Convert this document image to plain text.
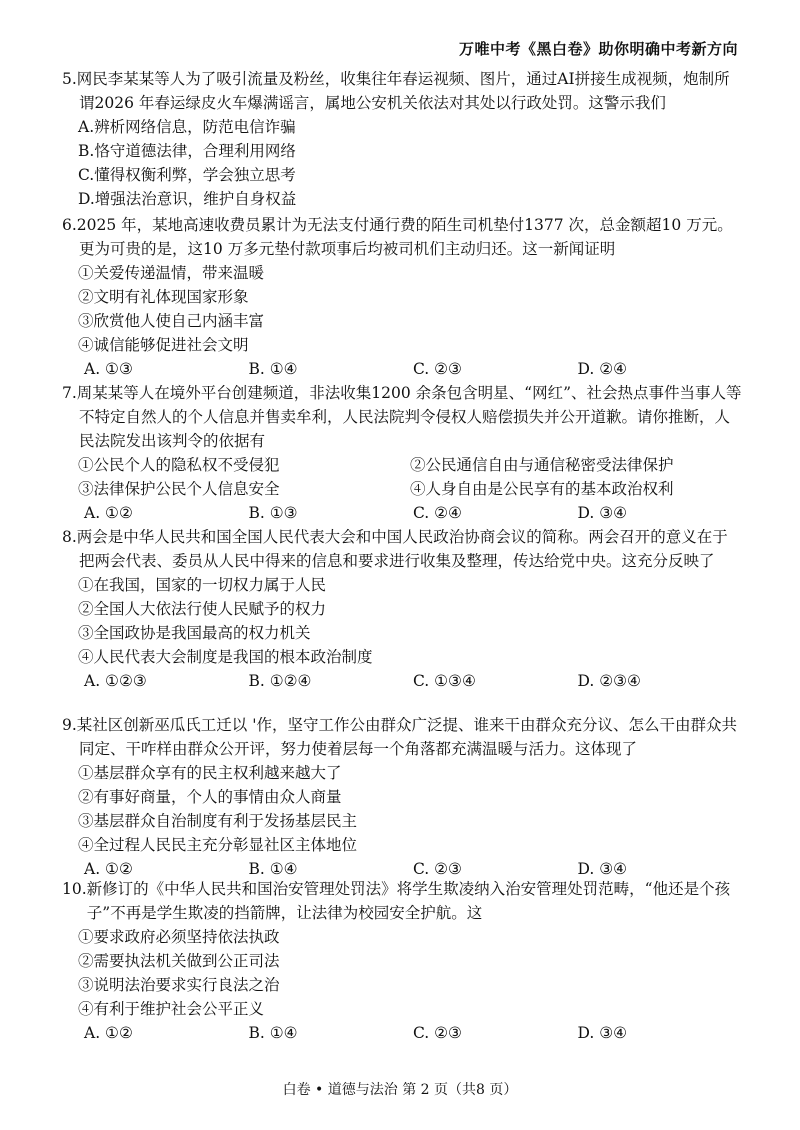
万唯中考《黑白卷》助你明确中考新方向

5.网民李某某等人为了吸引流量及粉丝，收集往年春运视频、图片，通过AI拼接生成视频，炮制所谓2026 年春运绿皮火车爆满谣言，属地公安机关依法对其处以行政处罚。这警示我们

A.辨析网络信息，防范电信诈骗

B.恪守道德法律，合理利用网络

C.懂得权衡利弊，学会独立思考

D.增强法治意识，维护自身权益

6.2025 年，某地高速收费员累计为无法支付通行费的陌生司机垫付1377 次，总金额超10 万元。更为可贵的是，这10 万多元垫付款项事后均被司机们主动归还。这一新闻证明

①关爱传递温情，带来温暖

②文明有礼体现国家形象

③欣赏他人使自己内涵丰富

④诚信能够促进社会文明

A. ①③	B. ①④	C. ②③	D. ②④

7.周某某等人在境外平台创建频道，非法收集1200 余条包含明星、“网红”、社会热点事件当事人等不特定自然人的个人信息并售卖牟利，人民法院判令侵权人赔偿损失并公开道歉。请你推断，人民法院发出该判令的依据有

①公民个人的隐私权不受侵犯	②公民通信自由与通信秘密受法律保护
③法律保护公民个人信息安全	④人身自由是公民享有的基本政治权利
A. ①②	B. ①③	C. ②④	D. ③④

8.两会是中华人民共和国全国人民代表大会和中国人民政治协商会议的简称。两会召开的意义在于把两会代表、委员从人民中得来的信息和要求进行收集及整理，传达给党中央。这充分反映了

①在我国，国家的一切权力属于人民

②全国人大依法行使人民赋予的权力

③全国政协是我国最高的权力机关

④人民代表大会制度是我国的根本政治制度

A. ①②③	B. ①②④	C. ①③④	D. ②③④

9.某社区创新巫瓜氏工迁以 '作，坚守工作公由群众广泛提、谁来干由群众充分议、怎么干由群众共同定、干咋样由群众公开评，努力使着层每一个角落都充满温暖与活力。这体现了

①基层群众享有的民主权利越来越大了

②有事好商量，个人的事情由众人商量

③基层群众自治制度有利于发扬基层民主

④全过程人民民主充分彰显社区主体地位

A. ①②	B. ①④	C. ②③	D. ③④

10.新修订的《中华人民共和国治安管理处罚法》将学生欺凌纳入治安管理处罚范畴，“他还是个孩子”不再是学生欺凌的挡箭牌，让法律为校园安全护航。这

①要求政府必须坚持依法执政

②需要执法机关做到公正司法

③说明法治要求实行良法之治

④有利于维护社会公平正义

A. ①②	B. ①④	C. ②③	D. ③④
白卷 • 道德与法治 第 2 页（共8 页）
